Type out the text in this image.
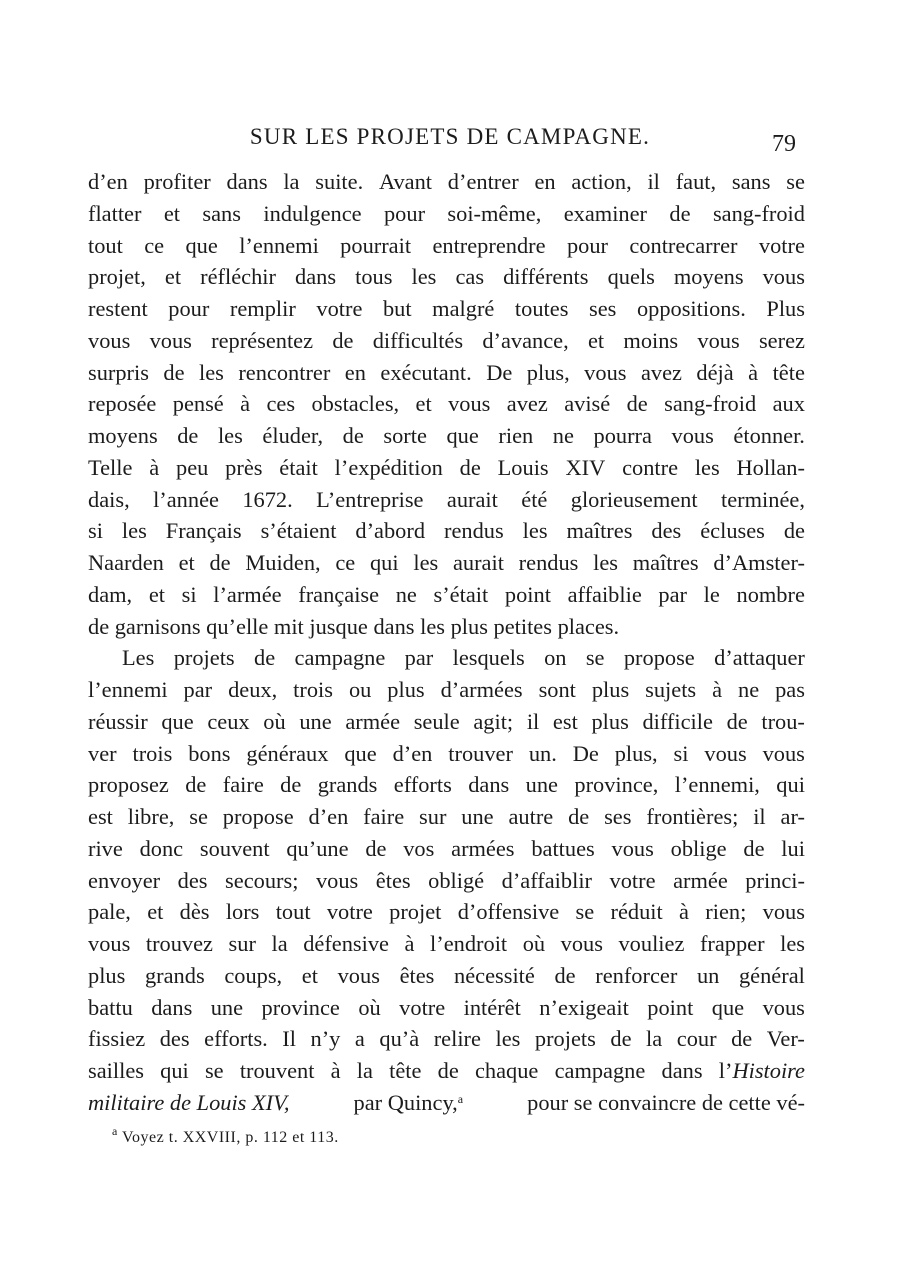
SUR LES PROJETS DE CAMPAGNE.	79
d’en profiter dans la suite. Avant d’entrer en action, il faut, sans se
flatter et sans indulgence pour soi-même, examiner de sang-froid
tout ce que l’ennemi pourrait entreprendre pour contrecarrer votre
projet, et réfléchir dans tous les cas différents quels moyens vous
restent pour remplir votre but malgré toutes ses oppositions. Plus
vous vous représentez de difficultés d’avance, et moins vous serez
surpris de les rencontrer en exécutant. De plus, vous avez déjà à tête
reposée pensé à ces obstacles, et vous avez avisé de sang-froid aux
moyens de les éluder, de sorte que rien ne pourra vous étonner.
Telle à peu près était l’expédition de Louis XIV contre les Hollan-
dais, l’année 1672. L’entreprise aurait été glorieusement terminée,
si les Français s’étaient d’abord rendus les maîtres des écluses de
Naarden et de Muiden, ce qui les aurait rendus les maîtres d’Amster-
dam, et si l’armée française ne s’était point affaiblie par le nombre
de garnisons qu’elle mit jusque dans les plus petites places.
Les projets de campagne par lesquels on se propose d’attaquer
l’ennemi par deux, trois ou plus d’armées sont plus sujets à ne pas
réussir que ceux où une armée seule agit; il est plus difficile de trou-
ver trois bons généraux que d’en trouver un. De plus, si vous vous
proposez de faire de grands efforts dans une province, l’ennemi, qui
est libre, se propose d’en faire sur une autre de ses frontières; il ar-
rive donc souvent qu’une de vos armées battues vous oblige de lui
envoyer des secours; vous êtes obligé d’affaiblir votre armée princi-
pale, et dès lors tout votre projet d’offensive se réduit à rien; vous
vous trouvez sur la défensive à l’endroit où vous vouliez frapper les
plus grands coups, et vous êtes nécessité de renforcer un général
battu dans une province où votre intérêt n’exigeait point que vous
fissiez des efforts. Il n’y a qu’à relire les projets de la cour de Ver-
sailles qui se trouvent à la tête de chaque campagne dans l’Histoire
militaire de Louis XIV,	par Quincy,$^a$	pour se convaincre de cette vé-
$^a$ Voyez t. XXVIII, p. 112 et 113.
